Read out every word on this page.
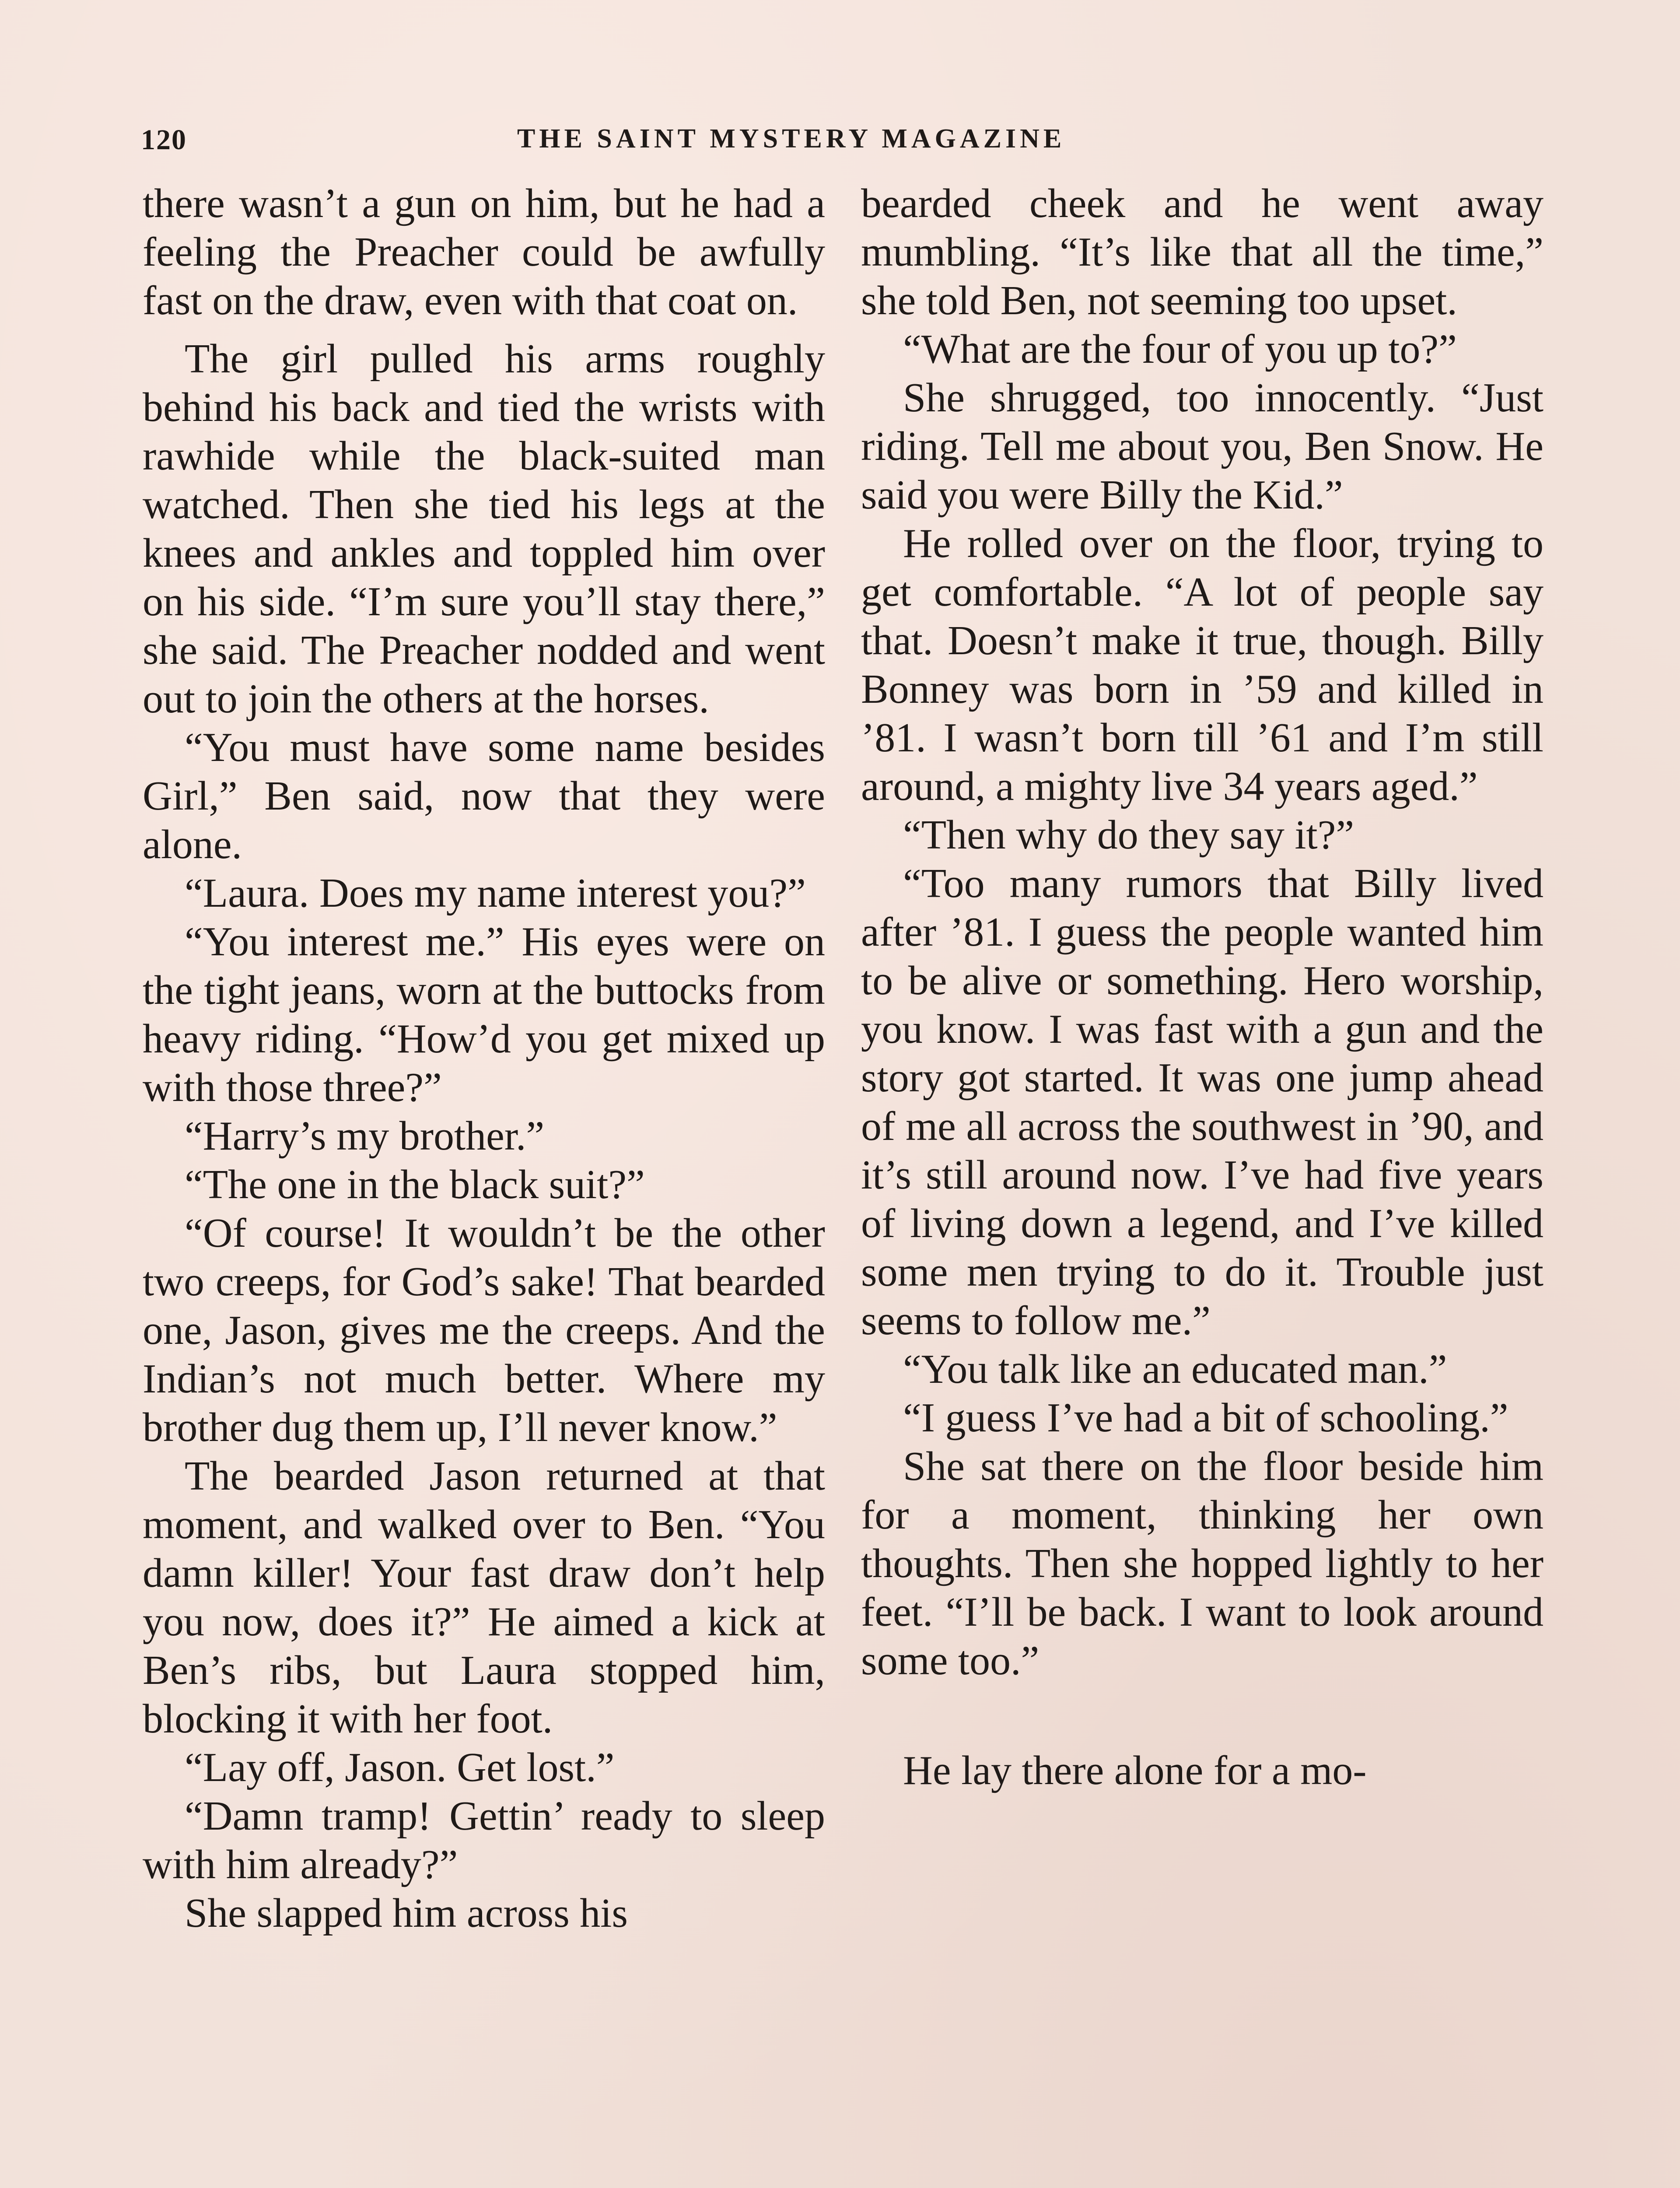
120	THE SAINT MYSTERY MAGAZINE

there wasn’t a gun on him, but he had a feeling the Preacher could be awfully fast on the draw, even with that coat on.

The girl pulled his arms roughly behind his back and tied the wrists with rawhide while the black-suited man watched. Then she tied his legs at the knees and ankles and toppled him over on his side. “I’m sure you’ll stay there,” she said. The Preacher nodded and went out to join the others at the horses.

“You must have some name besides Girl,” Ben said, now that they were alone.

“Laura. Does my name interest you?”

“You interest me.” His eyes were on the tight jeans, worn at the buttocks from heavy riding. “How’d you get mixed up with those three?”

“Harry’s my brother.”

“The one in the black suit?”

“Of course! It wouldn’t be the other two creeps, for God’s sake! That bearded one, Jason, gives me the creeps. And the Indian’s not much better. Where my brother dug them up, I’ll never know.”

The bearded Jason returned at that moment, and walked over to Ben. “You damn killer! Your fast draw don’t help you now, does it?” He aimed a kick at Ben’s ribs, but Laura stopped him, blocking it with her foot.

“Lay off, Jason. Get lost.”

“Damn tramp! Gettin’ ready to sleep with him already?”

She slapped him across his

bearded cheek and he went away mumbling. “It’s like that all the time,” she told Ben, not seeming too upset.

“What are the four of you up to?”

She shrugged, too innocently. “Just riding. Tell me about you, Ben Snow. He said you were Billy the Kid.”

He rolled over on the floor, trying to get comfortable. “A lot of people say that. Doesn’t make it true, though. Billy Bonney was born in ’59 and killed in ’81. I wasn’t born till ’61 and I’m still around, a mighty live 34 years aged.”

“Then why do they say it?”

“Too many rumors that Billy lived after ’81. I guess the people wanted him to be alive or something. Hero worship, you know. I was fast with a gun and the story got started. It was one jump ahead of me all across the southwest in ’90, and it’s still around now. I’ve had five years of living down a legend, and I’ve killed some men trying to do it. Trouble just seems to follow me.”

“You talk like an educated man.”

“I guess I’ve had a bit of schooling.”

She sat there on the floor beside him for a moment, thinking her own thoughts. Then she hopped lightly to her feet. “I’ll be back. I want to look around some too.”

He lay there alone for a mo-
